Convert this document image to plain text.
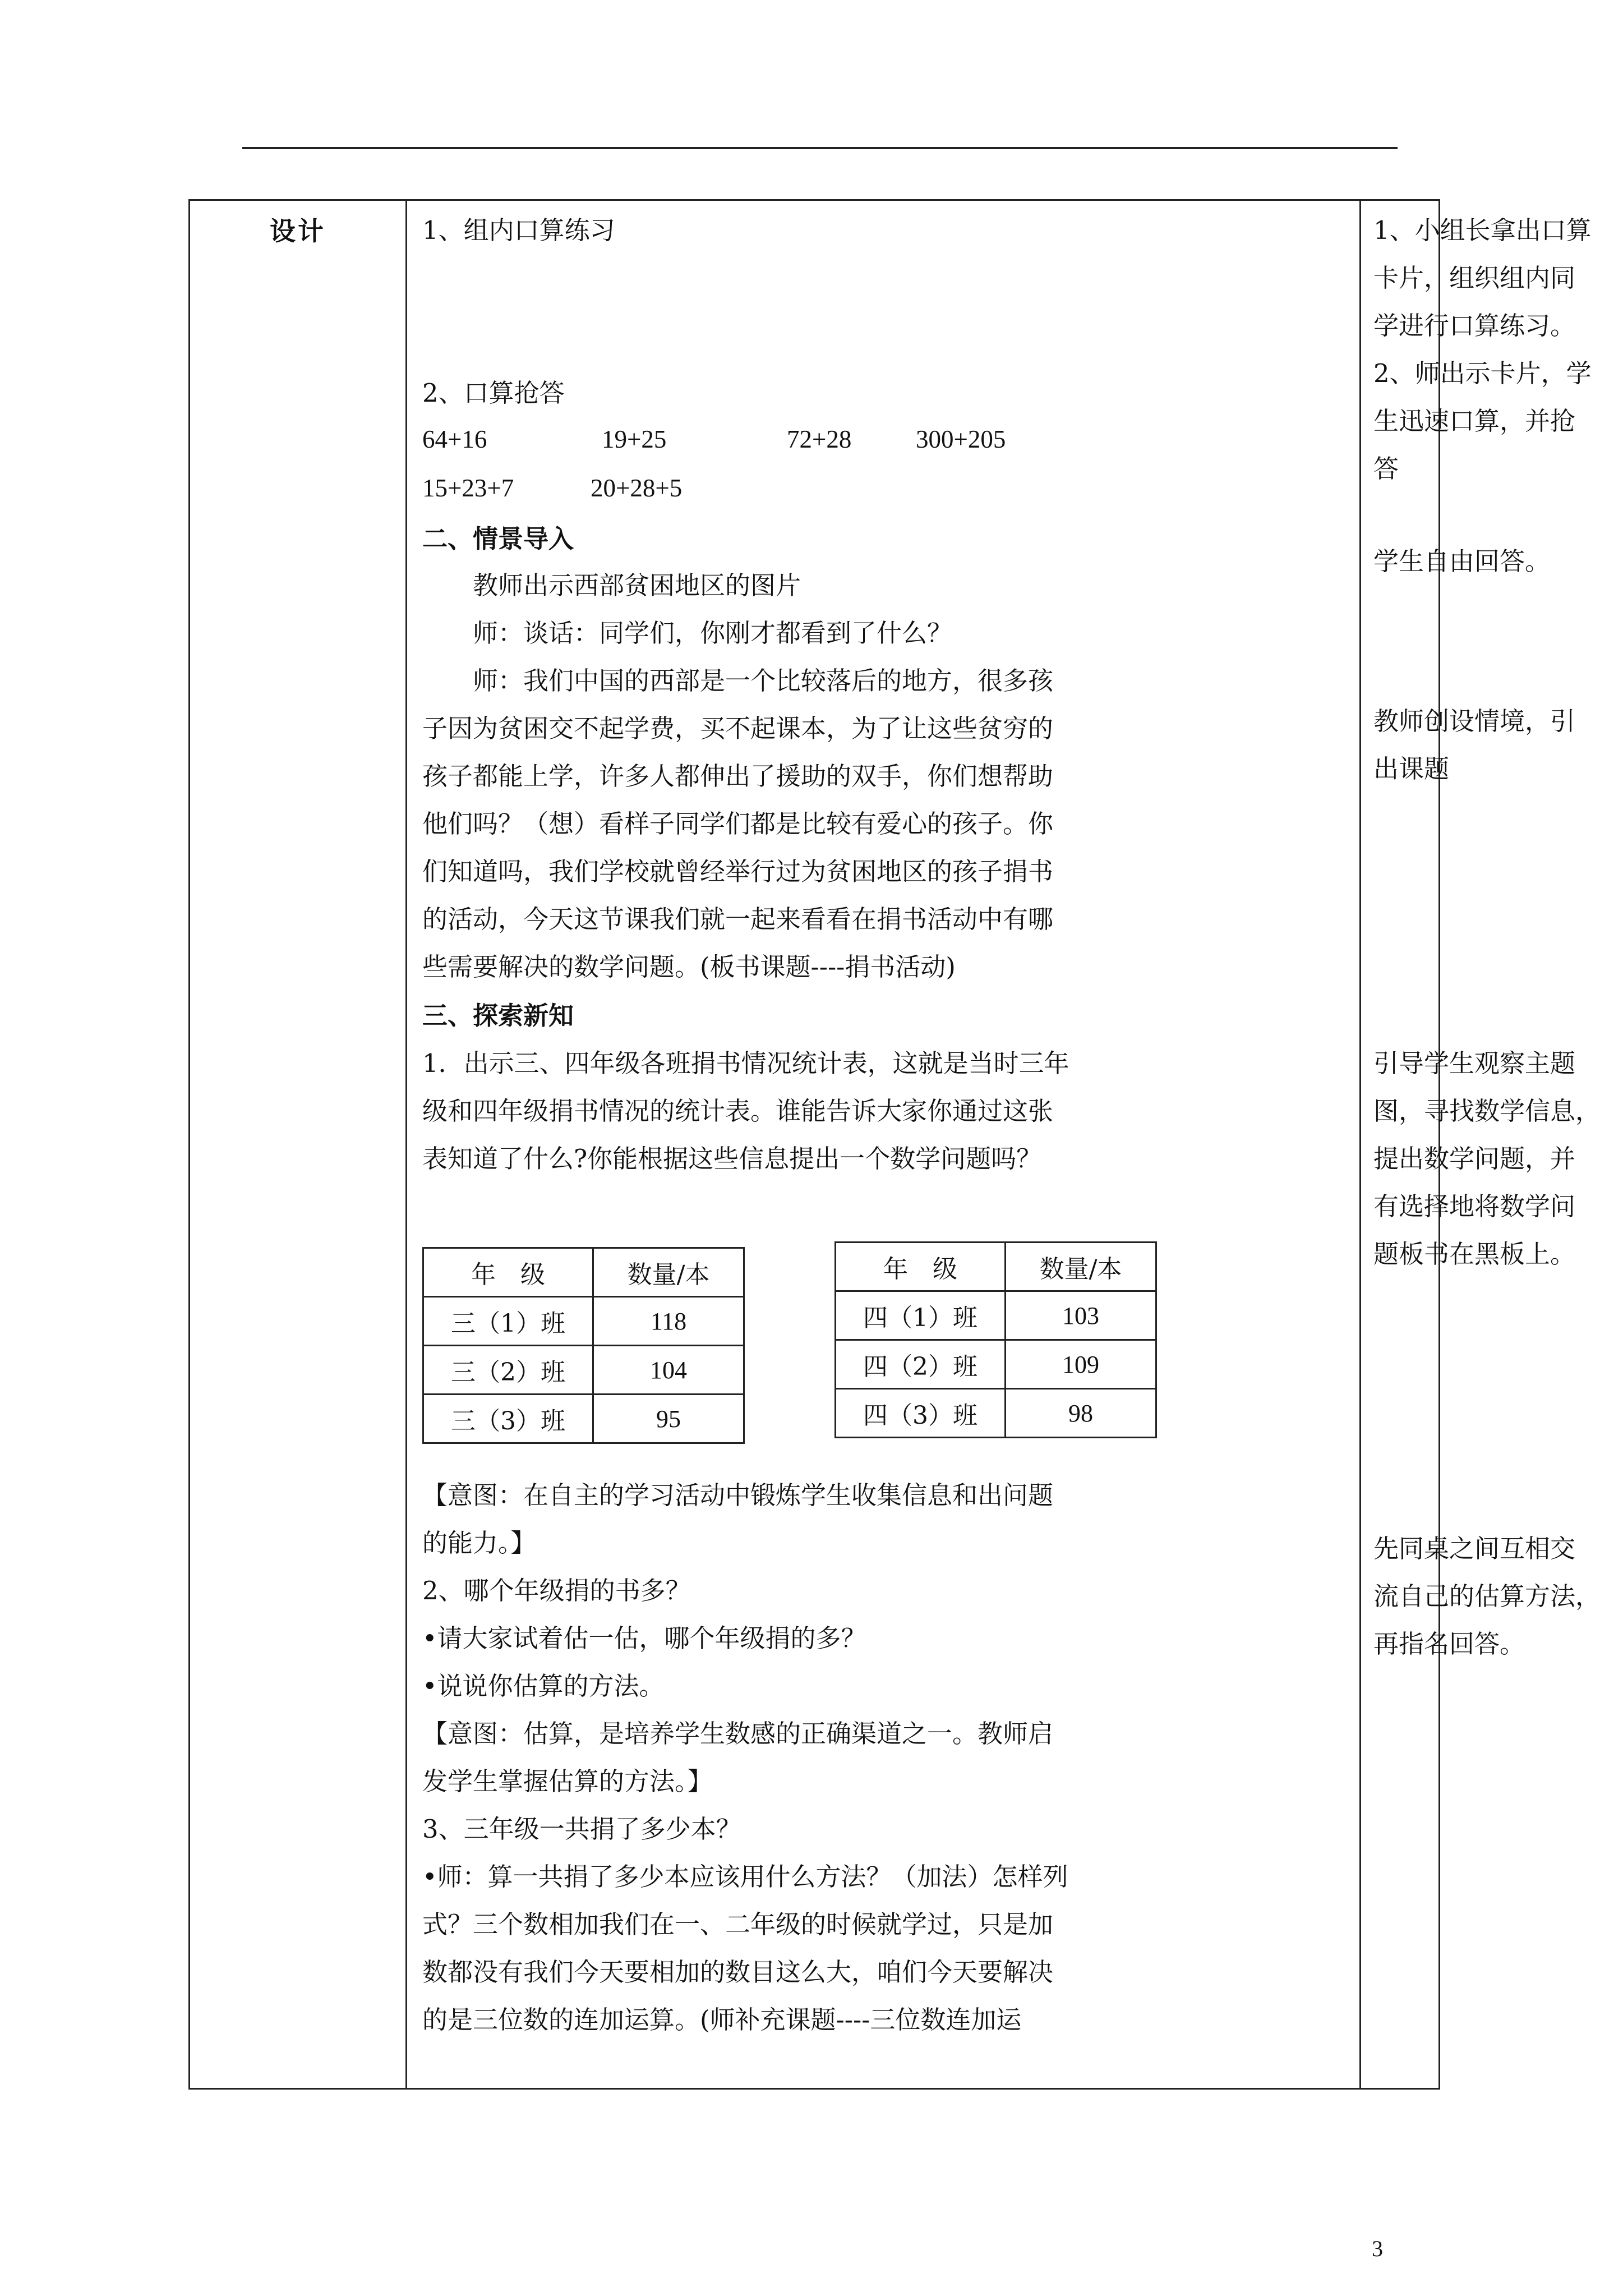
设计	1、组内口算练习
2、口算抢答
64+16	19+25	72+28	300+205
15+23+7	20+28+5
二、情景导入
教师出示西部贫困地区的图片
师：谈话：同学们，你刚才都看到了什么？
师：我们中国的西部是一个比较落后的地方，很多孩
子因为贫困交不起学费，买不起课本，为了让这些贫穷的
孩子都能上学，许多人都伸出了援助的双手，你们想帮助
他们吗？（想）看样子同学们都是比较有爱心的孩子。你
们知道吗，我们学校就曾经举行过为贫困地区的孩子捐书
的活动，今天这节课我们就一起来看看在捐书活动中有哪
些需要解决的数学问题。(板书课题----捐书活动)
三、探索新知
1．出示三、四年级各班捐书情况统计表，这就是当时三年
级和四年级捐书情况的统计表。谁能告诉大家你通过这张
表知道了什么?你能根据这些信息提出一个数学问题吗？
年　级	数量/本
三（1）班	118
三（2）班	104
三（3）班	95
年　级	数量/本
四（1）班	103
四（2）班	109
四（3）班	98
【意图：在自主的学习活动中锻炼学生收集信息和出问题
的能力。】
2、哪个年级捐的书多？
•请大家试着估一估，哪个年级捐的多？
•说说你估算的方法。
【意图：估算，是培养学生数感的正确渠道之一。教师启
发学生掌握估算的方法。】
3、三年级一共捐了多少本？
•师：算一共捐了多少本应该用什么方法？（加法）怎样列
式？三个数相加我们在一、二年级的时候就学过，只是加
数都没有我们今天要相加的数目这么大，咱们今天要解决
的是三位数的连加运算。(师补充课题----三位数连加运
1、小组长拿出口算
卡片，组织组内同
学进行口算练习。
2、师出示卡片，学
生迅速口算，并抢
答
学生自由回答。
教师创设情境，引
出课题
引导学生观察主题
图，寻找数学信息，
提出数学问题，并
有选择地将数学问
题板书在黑板上。
先同桌之间互相交
流自己的估算方法，
再指名回答。
3
